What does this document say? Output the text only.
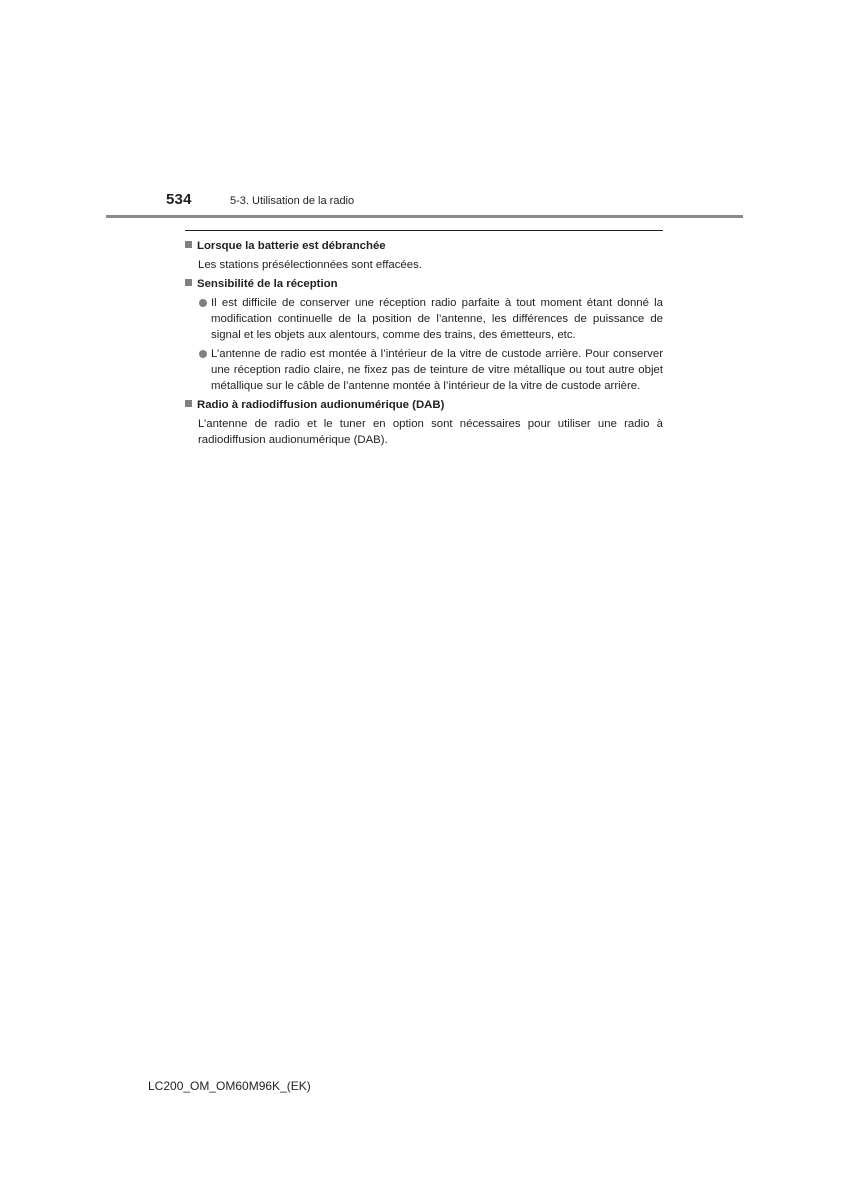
534	5-3. Utilisation de la radio
Lorsque la batterie est débranchée
Les stations présélectionnées sont effacées.
Sensibilité de la réception
Il est difficile de conserver une réception radio parfaite à tout moment étant donné la modification continuelle de la position de l’antenne, les différences de puissance de signal et les objets aux alentours, comme des trains, des émetteurs, etc.
L’antenne de radio est montée à l’intérieur de la vitre de custode arrière. Pour conserver une réception radio claire, ne fixez pas de teinture de vitre métallique ou tout autre objet métallique sur le câble de l’antenne montée à l’intérieur de la vitre de custode arrière.
Radio à radiodiffusion audionumérique (DAB)
L’antenne de radio et le tuner en option sont nécessaires pour utiliser une radio à radiodiffusion audionumérique (DAB).
LC200_OM_OM60M96K_(EK)
